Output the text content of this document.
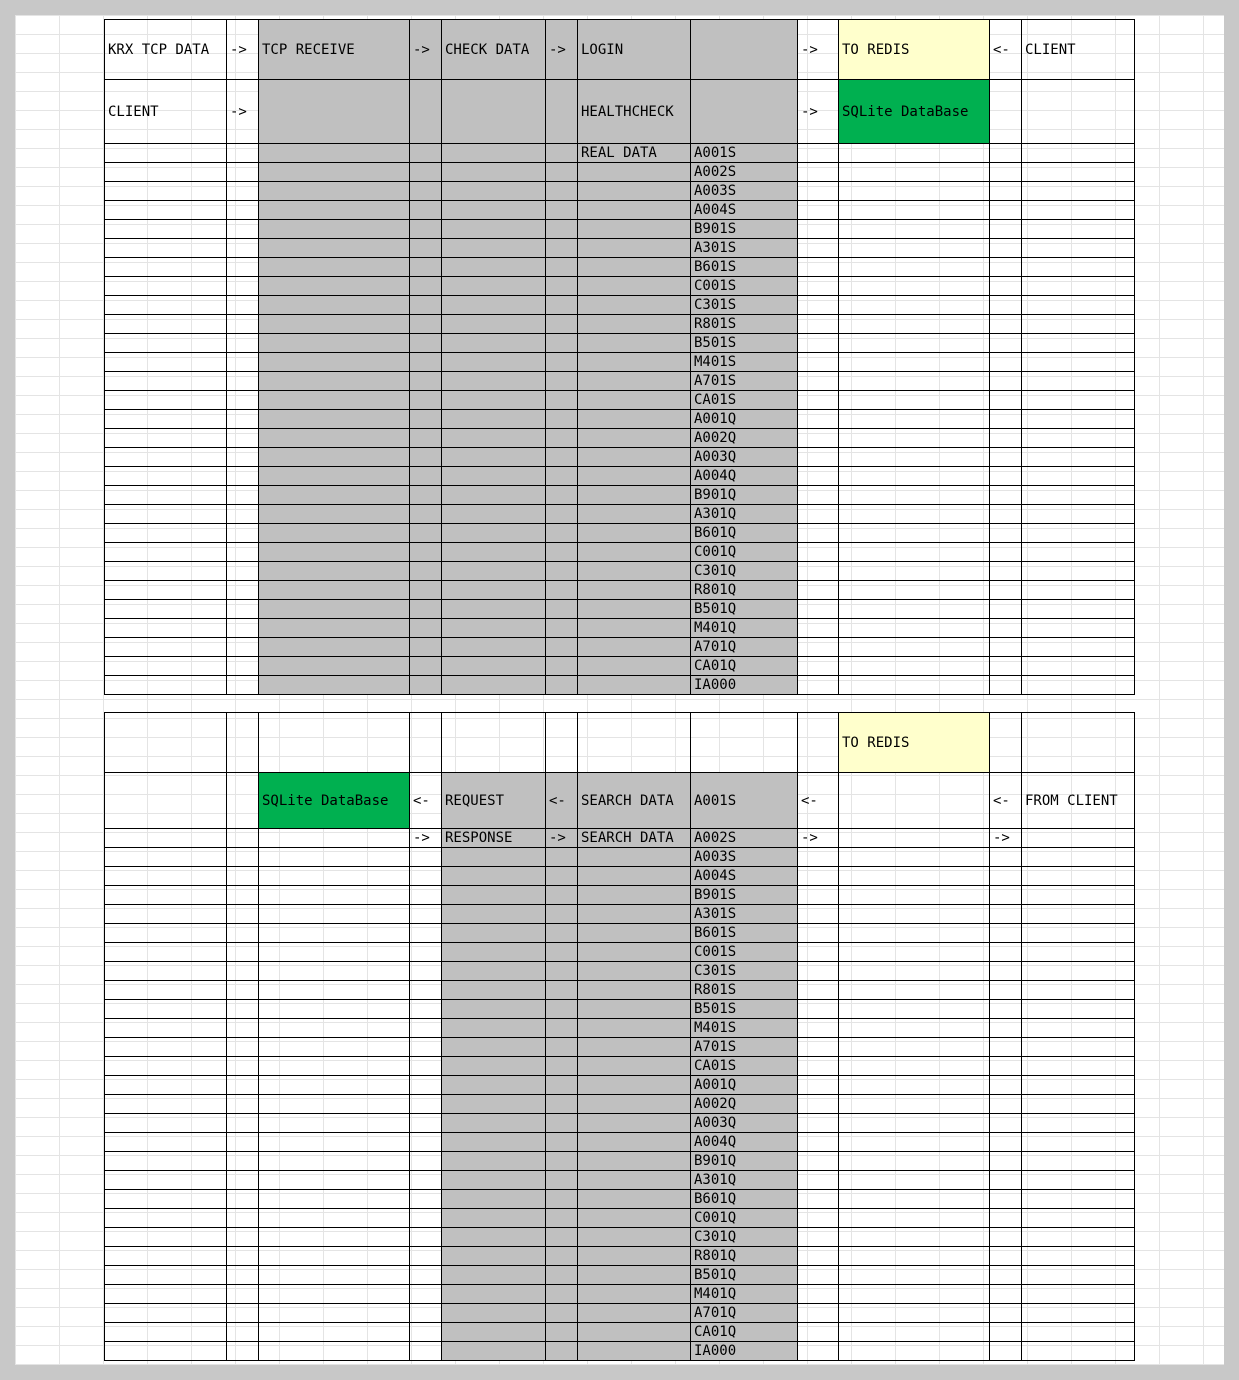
KRX TCP DATA	->	TCP RECEIVE	->	CHECK DATA	->	LOGIN		->	TO REDIS	<-	CLIENT
CLIENT	->					HEALTHCHECK		->	SQLite DataBase		
						REAL DATA	A001S				
							A002S				
							A003S				
							A004S				
							B901S				
							A301S				
							B601S				
							C001S				
							C301S				
							R801S				
							B501S				
							M401S				
							A701S				
							CA01S				
							A001Q				
							A002Q				
							A003Q				
							A004Q				
							B901Q				
							A301Q				
							B601Q				
							C001Q				
							C301Q				
							R801Q				
							B501Q				
							M401Q				
							A701Q				
							CA01Q				
							IA000				
									TO REDIS		
		SQLite DataBase	<-	REQUEST	<-	SEARCH DATA	A001S	<-		<-	FROM CLIENT
			->	RESPONSE	->	SEARCH DATA	A002S	->		->	
							A003S				
							A004S				
							B901S				
							A301S				
							B601S				
							C001S				
							C301S				
							R801S				
							B501S				
							M401S				
							A701S				
							CA01S				
							A001Q				
							A002Q				
							A003Q				
							A004Q				
							B901Q				
							A301Q				
							B601Q				
							C001Q				
							C301Q				
							R801Q				
							B501Q				
							M401Q				
							A701Q				
							CA01Q				
							IA000				
